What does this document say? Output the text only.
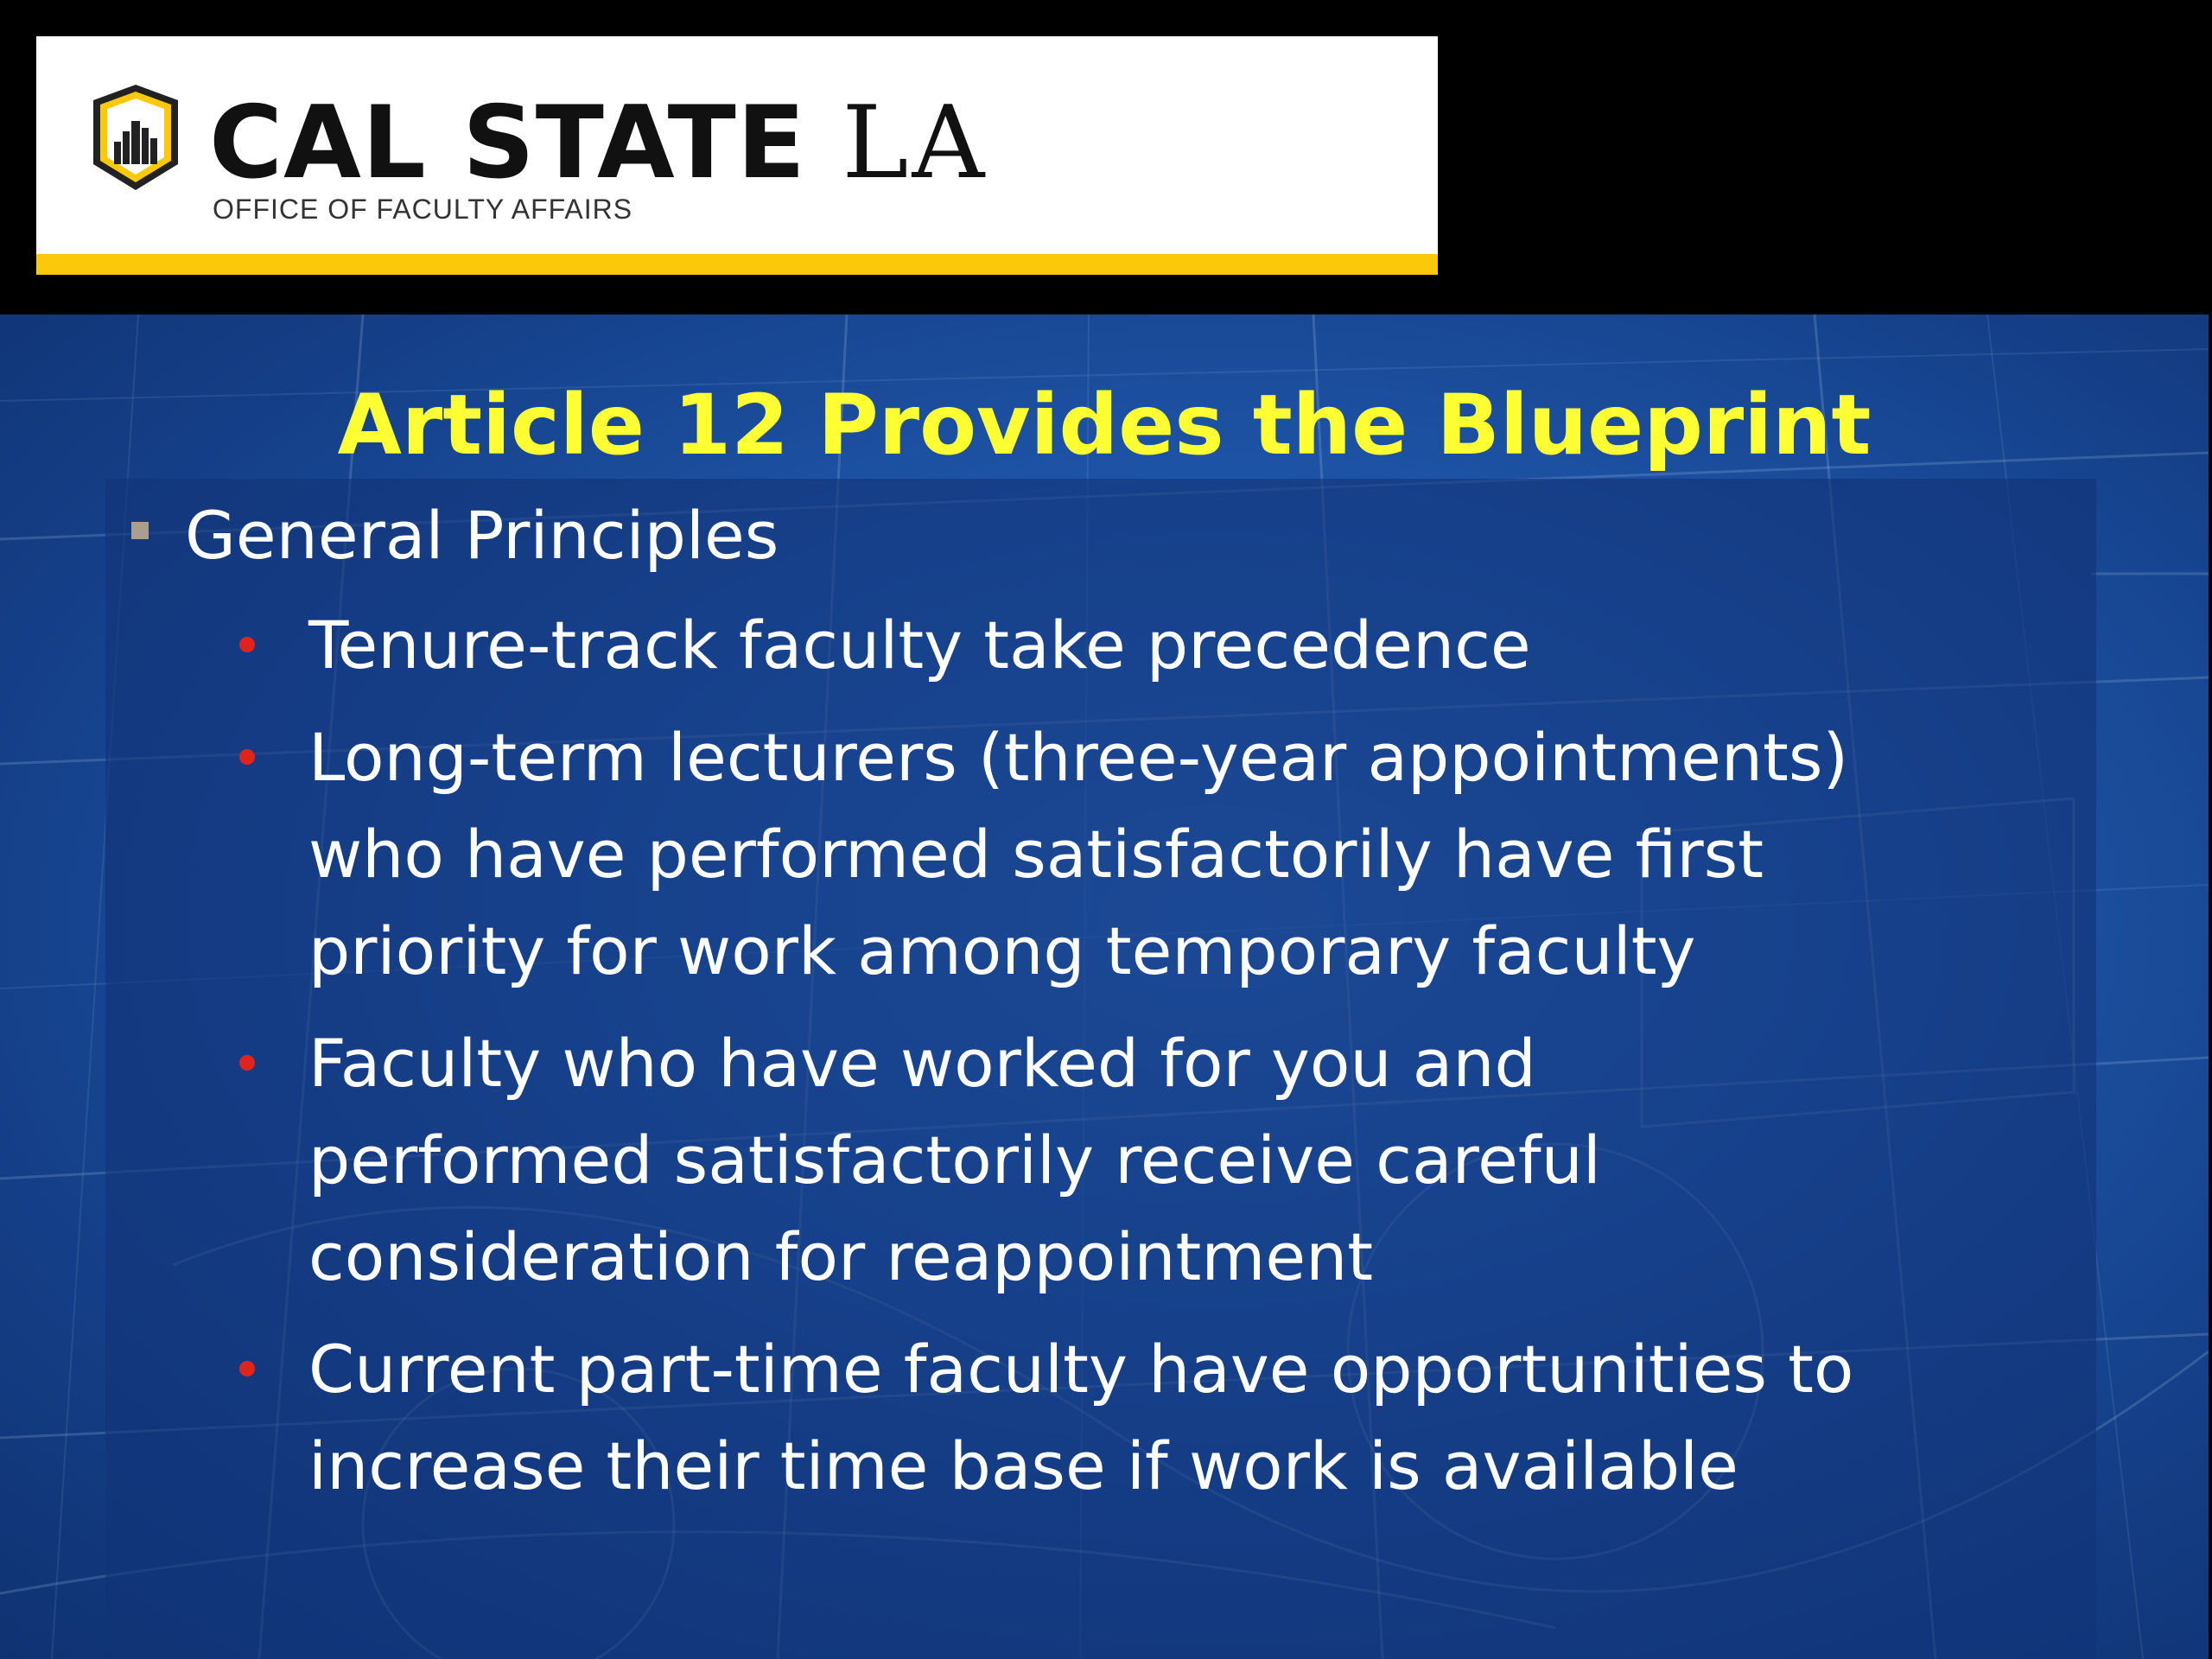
CAL STATE LA
OFFICE OF FACULTY AFFAIRS
Article 12 Provides the Blueprint
General Principles
Tenure-track faculty take precedence
Long-term lecturers (three-year appointments)
who have performed satisfactorily have first
priority for work among temporary faculty
Faculty who have worked for you and
performed satisfactorily receive careful
consideration for reappointment
Current part-time faculty have opportunities to
increase their time base if work is available
